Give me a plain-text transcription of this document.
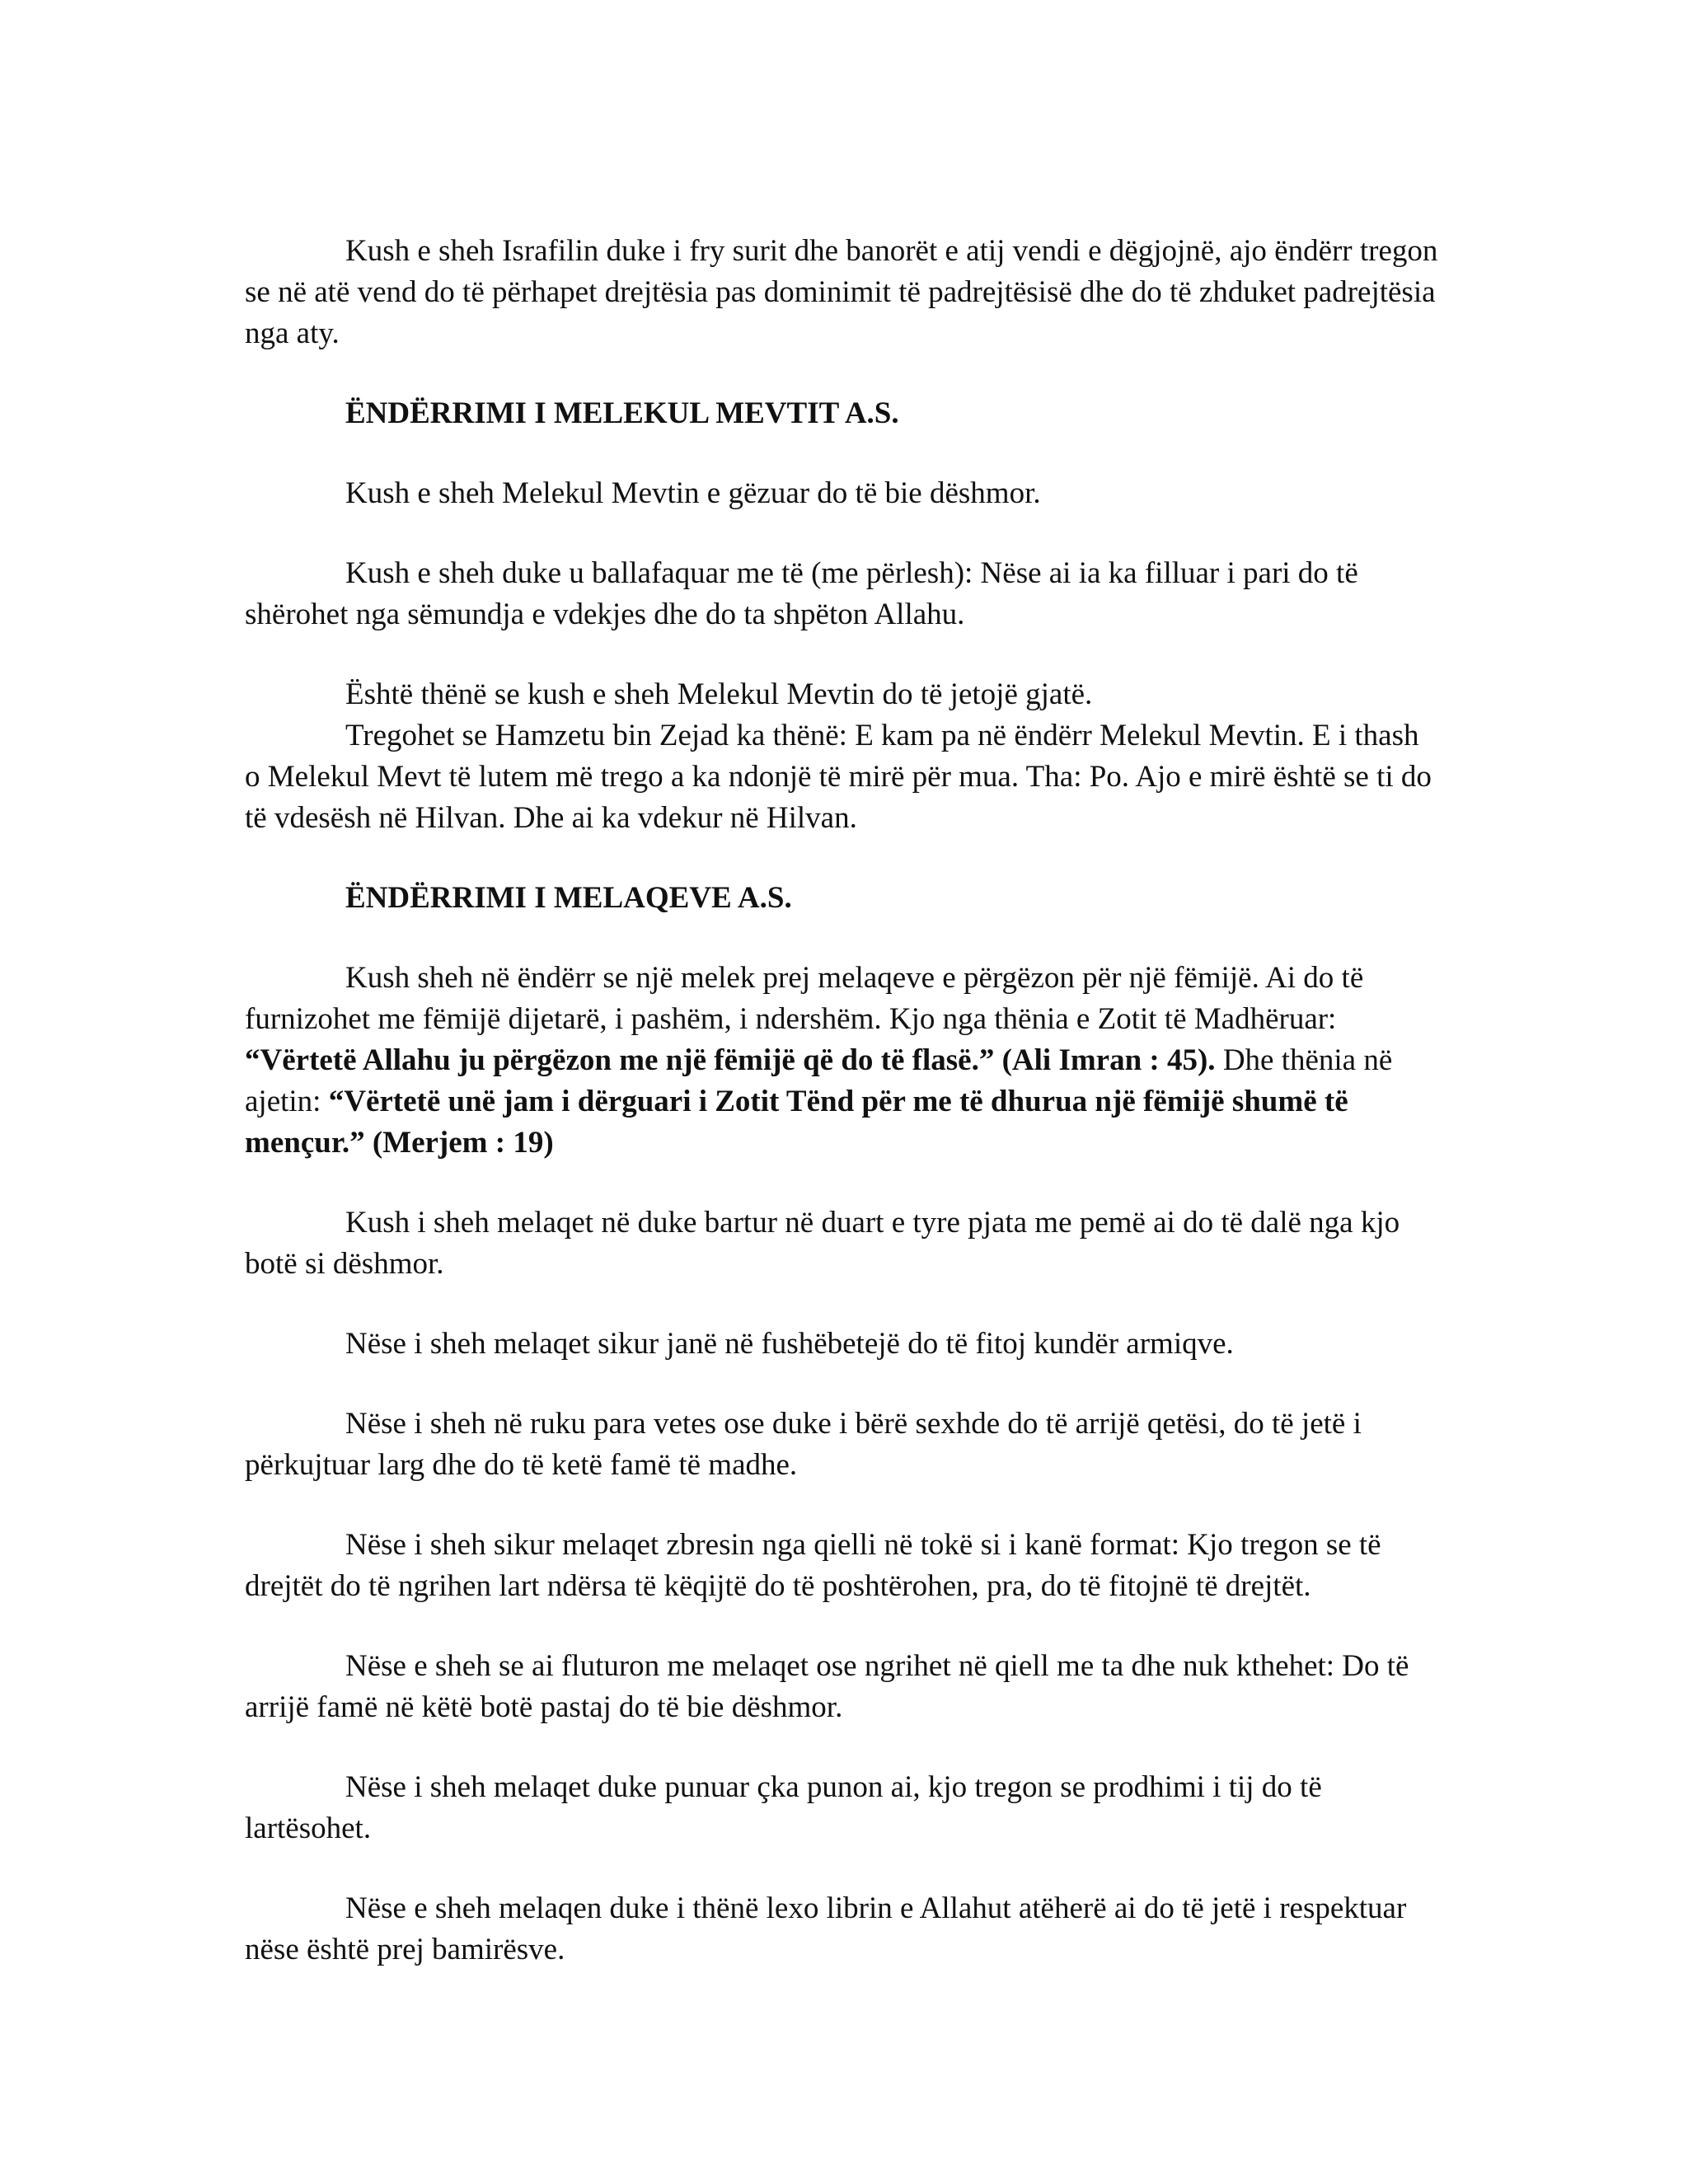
Kush e sheh Israfilin duke i fry surit dhe banorët e atij vendi e dëgjojnë, ajo ëndërr tregon se në atë vend do të përhapet drejtësia pas dominimit të padrejtësisë dhe do të zhduket padrejtësia nga aty.

ËNDËRRIMI I MELEKUL MEVTIT A.S.

Kush e sheh Melekul Mevtin e gëzuar do të bie dëshmor.

Kush e sheh duke u ballafaquar me të (me përlesh): Nëse ai ia ka filluar i pari do të shërohet nga sëmundja e vdekjes dhe do ta shpëton Allahu.

Është thënë se kush e sheh Melekul Mevtin do të jetojë gjatë.

Tregohet se Hamzetu bin Zejad ka thënë: E kam pa në ëndërr Melekul Mevtin. E i thash o Melekul Mevt të lutem më trego a ka ndonjë të mirë për mua. Tha: Po. Ajo e mirë është se ti do të vdesësh në Hilvan. Dhe ai ka vdekur në Hilvan.

ËNDËRRIMI I MELAQEVE A.S.

Kush sheh në ëndërr se një melek prej melaqeve e përgëzon për një fëmijë. Ai do të furnizohet me fëmijë dijetarë, i pashëm, i ndershëm. Kjo nga thënia e Zotit të Madhëruar: “Vërtetë Allahu ju përgëzon me një fëmijë që do të flasë.” (Ali Imran : 45). Dhe thënia në ajetin: “Vërtetë unë jam i dërguari i Zotit Tënd për me të dhurua një fëmijë shumë të mençur.” (Merjem : 19)

Kush i sheh melaqet në duke bartur në duart e tyre pjata me pemë ai do të dalë nga kjo botë si dëshmor.

Nëse i sheh melaqet sikur janë në fushëbetejë do të fitoj kundër armiqve.

Nëse i sheh në ruku para vetes ose duke i bërë sexhde do të arrijë qetësi, do të jetë i përkujtuar larg dhe do të ketë famë të madhe.

Nëse i sheh sikur melaqet zbresin nga qielli në tokë si i kanë format: Kjo tregon se të drejtët do të ngrihen lart ndërsa të këqijtë do të poshtërohen, pra, do të fitojnë të drejtët.

Nëse e sheh se ai fluturon me melaqet ose ngrihet në qiell me ta dhe nuk kthehet: Do të arrijë famë në këtë botë pastaj do të bie dëshmor.

Nëse i sheh melaqet duke punuar çka punon ai, kjo tregon se prodhimi i tij do të lartësohet.

Nëse e sheh melaqen duke i thënë lexo librin e Allahut atëherë ai do të jetë i respektuar nëse është prej bamirësve.
